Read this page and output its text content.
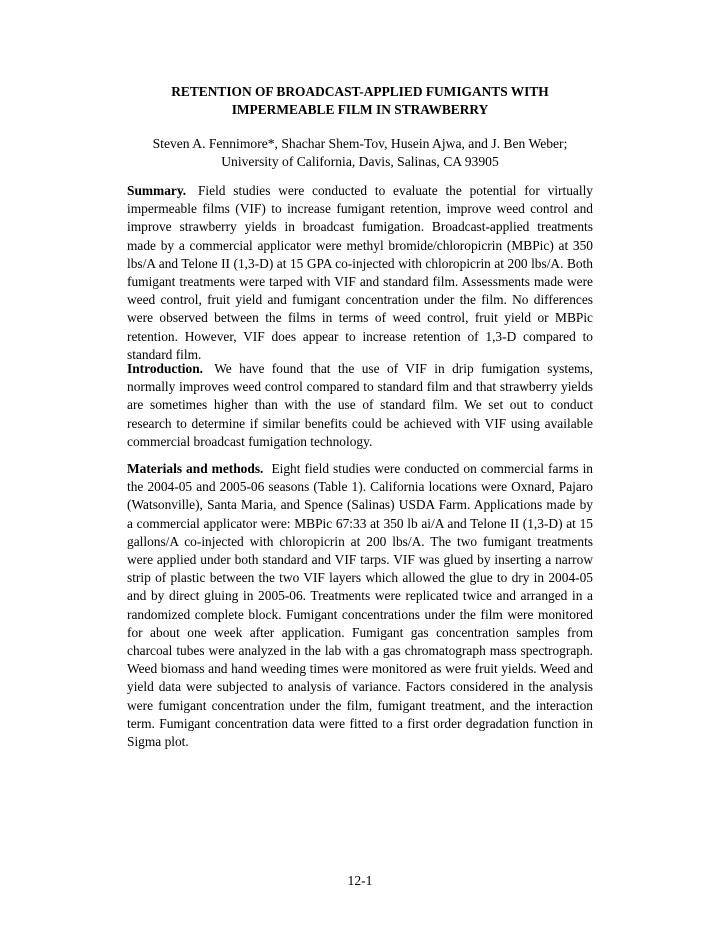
RETENTION OF BROADCAST-APPLIED FUMIGANTS WITH
IMPERMEABLE FILM IN STRAWBERRY
Steven A. Fennimore*, Shachar Shem-Tov, Husein Ajwa, and J. Ben Weber;
University of California, Davis, Salinas, CA 93905

Summary. Field studies were conducted to evaluate the potential for virtually impermeable films (VIF) to increase fumigant retention, improve weed control and improve strawberry yields in broadcast fumigation. Broadcast-applied treatments made by a commercial applicator were methyl bromide/chloropicrin (MBPic) at 350 lbs/A and Telone II (1,3-D) at 15 GPA co-injected with chloropicrin at 200 lbs/A. Both fumigant treatments were tarped with VIF and standard film. Assessments made were weed control, fruit yield and fumigant concentration under the film. No differences were observed between the films in terms of weed control, fruit yield or MBPic retention. However, VIF does appear to increase retention of 1,3-D compared to standard film.

Introduction. We have found that the use of VIF in drip fumigation systems, normally improves weed control compared to standard film and that strawberry yields are sometimes higher than with the use of standard film. We set out to conduct research to determine if similar benefits could be achieved with VIF using available commercial broadcast fumigation technology.

Materials and methods. Eight field studies were conducted on commercial farms in the 2004-05 and 2005-06 seasons (Table 1). California locations were Oxnard, Pajaro (Watsonville), Santa Maria, and Spence (Salinas) USDA Farm. Applications made by a commercial applicator were: MBPic 67:33 at 350 lb ai/A and Telone II (1,3-D) at 15 gallons/A co-injected with chloropicrin at 200 lbs/A. The two fumigant treatments were applied under both standard and VIF tarps. VIF was glued by inserting a narrow strip of plastic between the two VIF layers which allowed the glue to dry in 2004-05 and by direct gluing in 2005-06. Treatments were replicated twice and arranged in a randomized complete block. Fumigant concentrations under the film were monitored for about one week after application. Fumigant gas concentration samples from charcoal tubes were analyzed in the lab with a gas chromatograph mass spectrograph. Weed biomass and hand weeding times were monitored as were fruit yields. Weed and yield data were subjected to analysis of variance. Factors considered in the analysis were fumigant concentration under the film, fumigant treatment, and the interaction term. Fumigant concentration data were fitted to a first order degradation function in Sigma plot.

12-1
